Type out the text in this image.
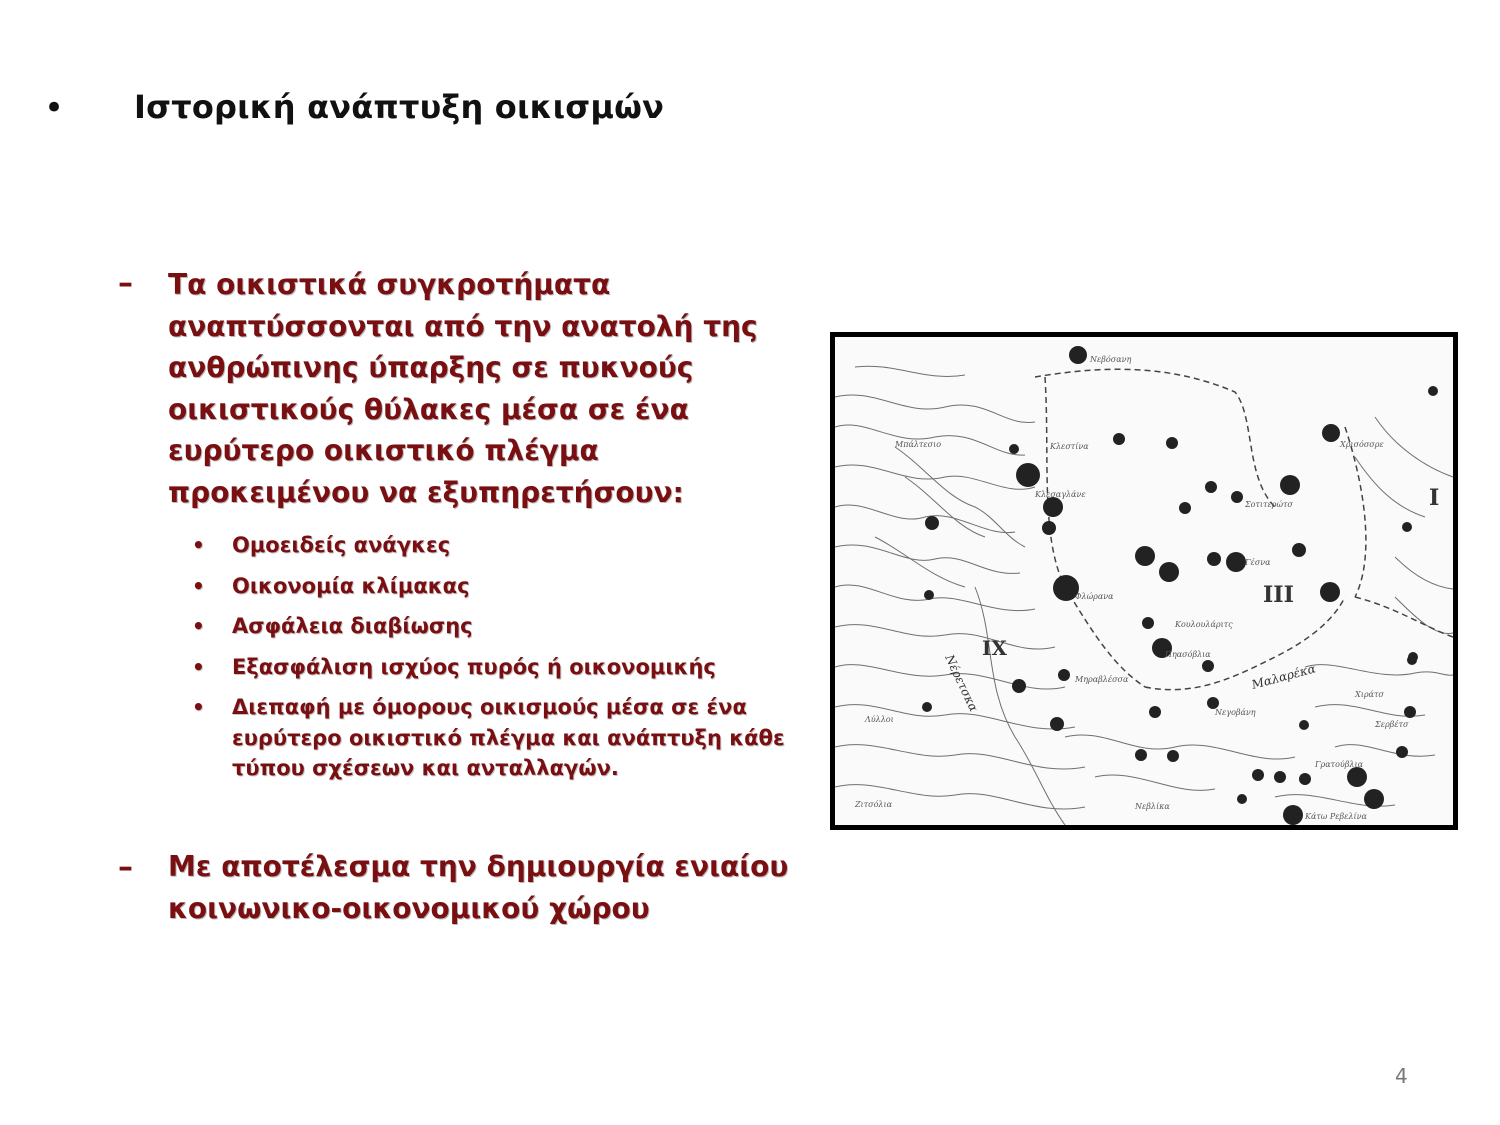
• Ιστορική ανάπτυξη οικισμών
– Τα οικιστικά συγκροτήματα αναπτύσσονται από την ανατολή της ανθρώπινης ύπαρξης σε πυκνούς οικιστικούς θύλακες μέσα σε ένα ευρύτερο οικιστικό πλέγμα προκειμένου να εξυπηρετήσουν:
• Ομοειδείς ανάγκες
• Οικονομία κλίμακας
• Ασφάλεια διαβίωσης
• Εξασφάλιση ισχύος πυρός ή οικονομικής
• Διεπαφή με όμορους οικισμούς μέσα σε ένα ευρύτερο οικιστικό πλέγμα και ανάπτυξη κάθε τύπου σχέσεων και ανταλλαγών.
– Με αποτέλεσμα την δημιουργία ενιαίου κοινωνικο-οικονομικού χώρου
Νεβόσανη
Μπάλτεσιο	Κλεστίνα
Κλεσαγλάνε
Φλώρανα
Σοτιτερώτσ
Χρισόσσρε
Γέσνα
Κουλουλάριτς
Πηασόβλια
Μηραβλέσσα
Νεγοβάνη
Γρατούβλια
Νεβλίκα
Κάτω Ρεβελίνα
Ζιτσόλια
Λύλλοι
Σερβέτσ
Χιράτσ
I
III
IX
Μαλαρέκα
Νέρετσκα
4
